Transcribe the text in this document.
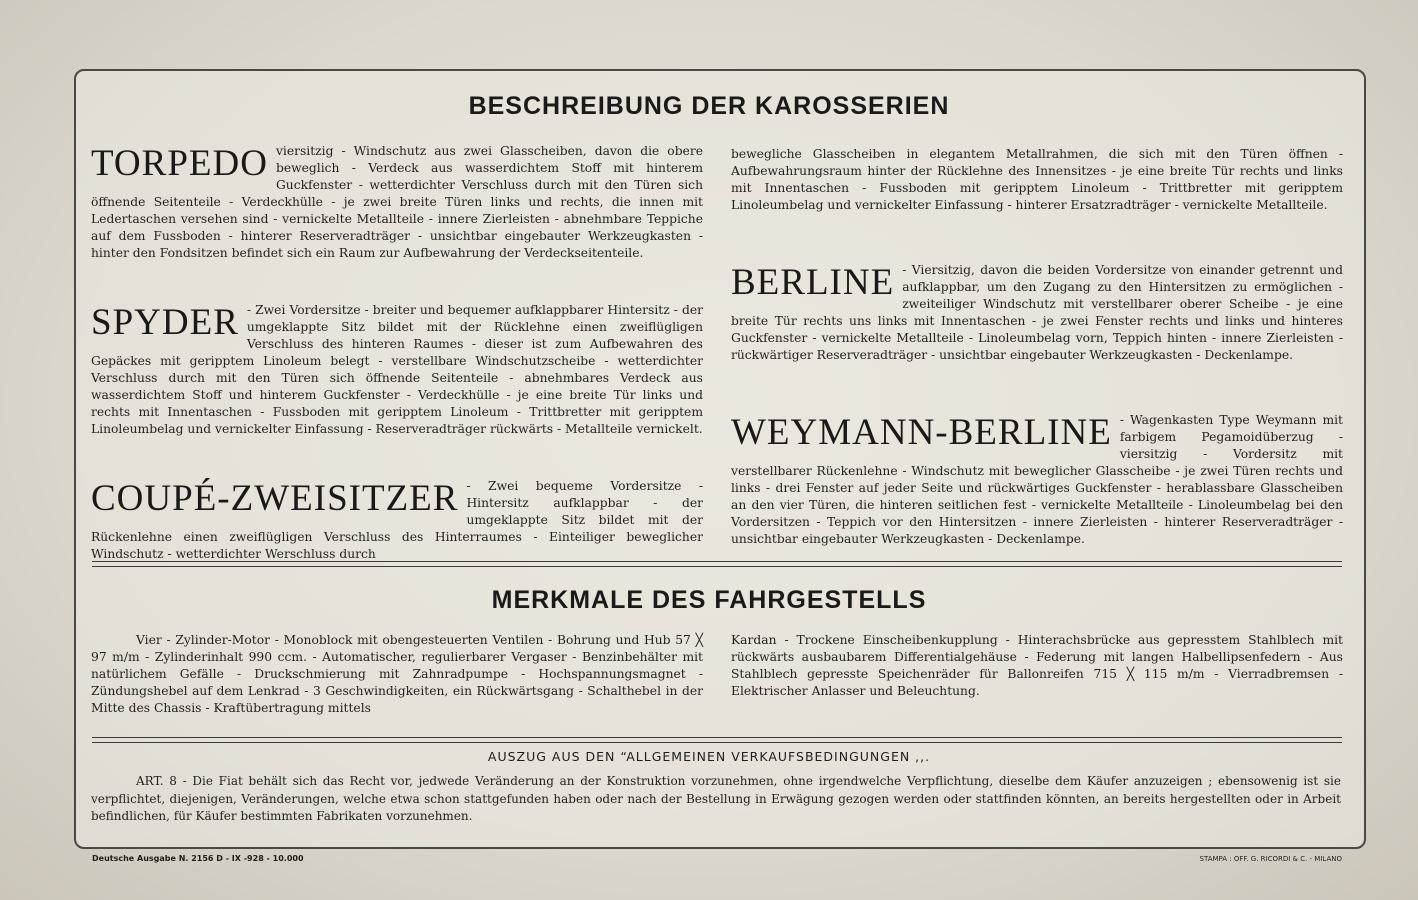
BESCHREIBUNG DER KAROSSERIEN
TORPEDO viersitzig - Windschutz aus zwei Glasscheiben, davon die obere beweglich - Verdeck aus wasserdichtem Stoff mit hinterem Guckfenster - wetterdichter Verschluss durch mit den Türen sich öffnende Seitenteile - Verdeckhülle - je zwei breite Türen links und rechts, die innen mit Ledertaschen versehen sind - vernickelte Metallteile - innere Zierleisten - abnehmbare Teppiche auf dem Fussboden - hinterer Reserveradträger - unsichtbar eingebauter Werkzeugkasten - hinter den Fondsitzen befindet sich ein Raum zur Aufbewahrung der Verdeckseitenteile.

SPYDER - Zwei Vordersitze - breiter und bequemer aufklappbarer Hintersitz - der umgeklappte Sitz bildet mit der Rücklehne einen zweiflügligen Verschluss des hinteren Raumes - dieser ist zum Aufbewahren des Gepäckes mit geripptem Linoleum belegt - verstellbare Windschutzscheibe - wetterdichter Verschluss durch mit den Türen sich öffnende Seitenteile - abnehmbares Verdeck aus wasserdichtem Stoff und hinterem Guckfenster - Verdeckhülle - je eine breite Tür links und rechts mit Innentaschen - Fussboden mit geripptem Linoleum - Trittbretter mit geripptem Linoleumbelag und vernickelter Einfassung - Reserveradträger rückwärts - Metallteile vernickelt.

COUPÉ-ZWEISITZER - Zwei bequeme Vordersitze - Hintersitz aufklappbar - der umgeklappte Sitz bildet mit der Rückenlehne einen zweiflügligen Verschluss des Hinterraumes - Einteiliger beweglicher Windschutz - wetterdichter Werschluss durch

bewegliche Glasscheiben in elegantem Metallrahmen, die sich mit den Türen öffnen - Aufbewahrungsraum hinter der Rücklehne des Innensitzes - je eine breite Tür rechts und links mit Innentaschen - Fussboden mit geripptem Linoleum - Trittbretter mit geripptem Linoleumbelag und vernickelter Einfassung - hinterer Ersatzradträger - vernickelte Metallteile.

BERLINE - Viersitzig, davon die beiden Vordersitze von einander getrennt und aufklappbar, um den Zugang zu den Hintersitzen zu ermöglichen - zweiteiliger Windschutz mit verstellbarer oberer Scheibe - je eine breite Tür rechts uns links mit Innentaschen - je zwei Fenster rechts und links und hinteres Guckfenster - vernickelte Metallteile - Linoleumbelag vorn, Teppich hinten - innere Zierleisten - rückwärtiger Reserveradträger - unsichtbar eingebauter Werkzeugkasten - Deckenlampe.

WEYMANN-BERLINE - Wagenkasten Type Weymann mit farbigem Pegamoidüberzug - viersitzig - Vordersitz mit verstellbarer Rückenlehne - Windschutz mit beweglicher Glasscheibe - je zwei Türen rechts und links - drei Fenster auf jeder Seite und rückwärtiges Guckfenster - herablassbare Glasscheiben an den vier Türen, die hinteren seitlichen fest - vernickelte Metallteile - Linoleumbelag bei den Vordersitzen - Teppich vor den Hintersitzen - innere Zierleisten - hinterer Reserveradträger - unsichtbar eingebauter Werkzeugkasten - Deckenlampe.

MERKMALE DES FAHRGESTELLS

Vier - Zylinder-Motor - Monoblock mit obengesteuerten Ventilen - Bohrung und Hub 57 ╳ 97 m/m - Zylinderinhalt 990 ccm. - Automatischer, regulierbarer Vergaser - Benzinbehälter mit natürlichem Gefälle - Druckschmierung mit Zahnradpumpe - Hochspannungsmagnet - Zündungshebel auf dem Lenkrad - 3 Geschwindigkeiten, ein Rückwärtsgang - Schalthebel in der Mitte des Chassis - Kraftübertragung mittels

Kardan - Trockene Einscheibenkupplung - Hinterachsbrücke aus gepresstem Stahlblech mit rückwärts ausbaubarem Differentialgehäuse - Federung mit langen Halbellipsenfedern - Aus Stahlblech gepresste Speichenräder für Ballonreifen 715 ╳ 115 m/m - Vierradbremsen - Elektrischer Anlasser und Beleuchtung.

AUSZUG AUS DEN “ALLGEMEINEN VERKAUFSBEDINGUNGEN ,,.

ART. 8 - Die Fiat behält sich das Recht vor, jedwede Veränderung an der Konstruktion vorzunehmen, ohne irgendwelche Verpflichtung, dieselbe dem Käufer anzuzeigen ; ebensowenig ist sie verpflichtet, diejenigen, Veränderungen, welche etwa schon stattgefunden haben oder nach der Bestellung in Erwägung gezogen werden oder stattfinden könnten, an bereits hergestellten oder in Arbeit befindlichen, für Käufer bestimmten Fabrikaten vorzunehmen.

Deutsche Ausgabe N. 2156 D - IX -928 - 10.000	STAMPA : OFF. G. RICORDI & C. - MILANO
